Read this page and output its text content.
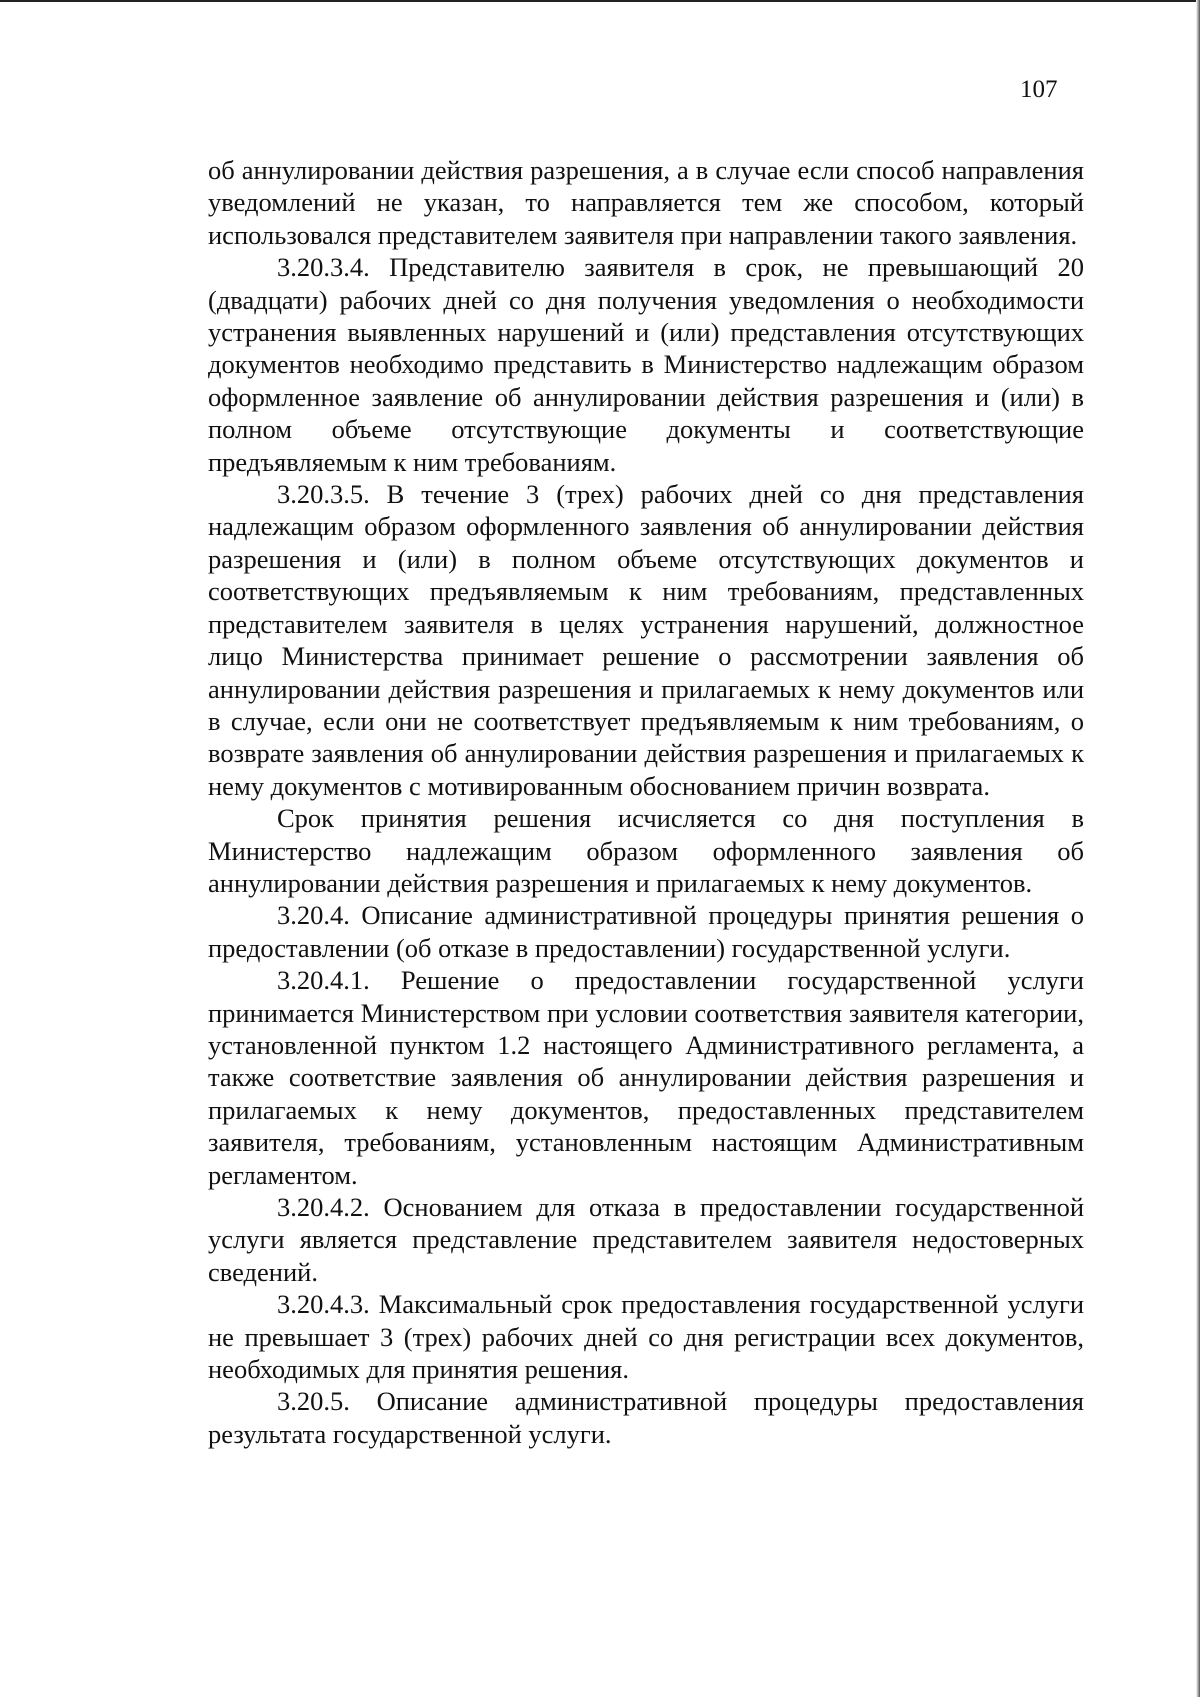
107

об аннулировании действия разрешения, а в случае если способ направления уведомлений не указан, то направляется тем же способом, который использовался представителем заявителя при направлении такого заявления.

3.20.3.4. Представителю заявителя в срок, не превышающий 20 (двадцати) рабочих дней со дня получения уведомления о необходимости устранения выявленных нарушений и (или) представления отсутствующих документов необходимо представить в Министерство надлежащим образом оформленное заявление об аннулировании действия разрешения и (или) в полном объеме отсутствующие документы и соответствующие предъявляемым к ним требованиям.

3.20.3.5. В течение 3 (трех) рабочих дней со дня представления надлежащим образом оформленного заявления об аннулировании действия разрешения и (или) в полном объеме отсутствующих документов и соответствующих предъявляемым к ним требованиям, представленных представителем заявителя в целях устранения нарушений, должностное лицо Министерства принимает решение о рассмотрении заявления об аннулировании действия разрешения и прилагаемых к нему документов или в случае, если они не соответствует предъявляемым к ним требованиям, о возврате заявления об аннулировании действия разрешения и прилагаемых к нему документов с мотивированным обоснованием причин возврата.

Срок принятия решения исчисляется со дня поступления в Министерство надлежащим образом оформленного заявления об аннулировании действия разрешения и прилагаемых к нему документов.

3.20.4. Описание административной процедуры принятия решения о предоставлении (об отказе в предоставлении) государственной услуги.

3.20.4.1. Решение о предоставлении государственной услуги принимается Министерством при условии соответствия заявителя категории, установленной пунктом 1.2 настоящего Административного регламента, а также соответствие заявления об аннулировании действия разрешения и прилагаемых к нему документов, предоставленных представителем заявителя, требованиям, установленным настоящим Административным регламентом.

3.20.4.2. Основанием для отказа в предоставлении государственной услуги является представление представителем заявителя недостоверных сведений.

3.20.4.3. Максимальный срок предоставления государственной услуги не превышает 3 (трех) рабочих дней со дня регистрации всех документов, необходимых для принятия решения.

3.20.5. Описание административной процедуры предоставления результата государственной услуги.
